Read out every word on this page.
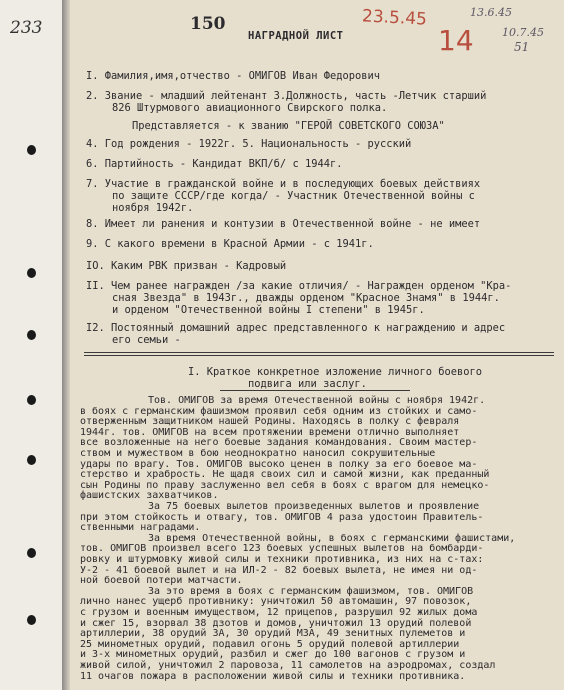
233	150
НАГРАДНОЙ ЛИСТ
23.5.45
14
13.6.45
10.7.45
51
I. Фамилия,имя,отчество - ОМИГОВ Иван Федорович
2. Звание - младший лейтенант 3.Должность, часть -Летчик старший
826 Штурмового авиационного Свирского полка.
Представляется - к званию "ГЕРОЙ СОВЕТСКОГО СОЮЗА"
4. Год рождения - 1922г. 5. Национальность - русский
6. Партийность - Кандидат ВКП/б/ с 1944г.
7. Участие в гражданской войне и в последующих боевых действиях
по защите СССР/где когда/ - Участник Отечественной войны с
ноября 1942г.
8. Имеет ли ранения и контузии в Отечественной войне - не имеет
9. С какого времени в Красной Армии - с 1941г.
IO. Каким РВК призван - Кадровый
II. Чем ранее награжден /за какие отличия/ - Награжден орденом "Кра-
сная Звезда" в 1943г., дважды орденом "Красное Знамя" в 1944г.
и орденом "Отечественной войны I степени" в 1945г.
I2. Постоянный домашний адрес представленного к награждению и адрес
его семьи -
I. Краткое конкретное изложение личного боевого
подвига или заслуг.
Тов. ОМИГОВ за время Отечественной войны с ноября 1942г.
в боях с германским фашизмом проявил себя одним из стойких и само-
отверженным защитником нашей Родины. Находясь в полку с февраля
1944г. тов. ОМИГОВ на всем протяжении времени отлично выполняет
все возложенные на него боевые задания командования. Своим мастер-
ством и мужеством в бою неоднократно наносил сокрушительные
удары по врагу. Тов. ОМИГОВ высоко ценен в полку за его боевое ма-
стерство и храбрость. Не щадя своих сил и самой жизни, как преданный
сын Родины по праву заслуженно вел себя в боях с врагом для немецко-
фашистских захватчиков.
За 75 боевых вылетов произведенных вылетов и проявление
при этом стойкость и отвагу, тов. ОМИГОВ 4 раза удостоин Правитель-
ственными наградами.
За время Отечественной войны, в боях с германскими фашистами,
тов. ОМИГОВ произвел всего 123 боевых успешных вылетов на бомбарди-
ровку и штурмовку живой силы и техники противника, из них на с-тах:
У-2 - 41 боевой вылет и на ИЛ-2 - 82 боевых вылета, не имея ни од-
ной боевой потери матчасти.
За это время в боях с германским фашизмом, тов. ОМИГОВ
лично нанес ущерб противнику: уничтожил 50 автомашин, 97 повозок,
с грузом и военным имуществом, 12 прицепов, разрушил 92 жилых дома
и сжег 15, взорвал 38 дзотов и домов, уничтожил 13 орудий полевой
артиллерии, 38 орудий ЗА, 30 орудий МЗА, 49 зенитных пулеметов и
25 минометных орудий, подавил огонь 5 орудий полевой артиллерии
и 3-х минометных орудий, разбил и сжег до 100 вагонов с грузом и
живой силой, уничтожил 2 паровоза, 11 самолетов на аэродромах, создал
11 очагов пожара в расположении живой силы и техники противника.
